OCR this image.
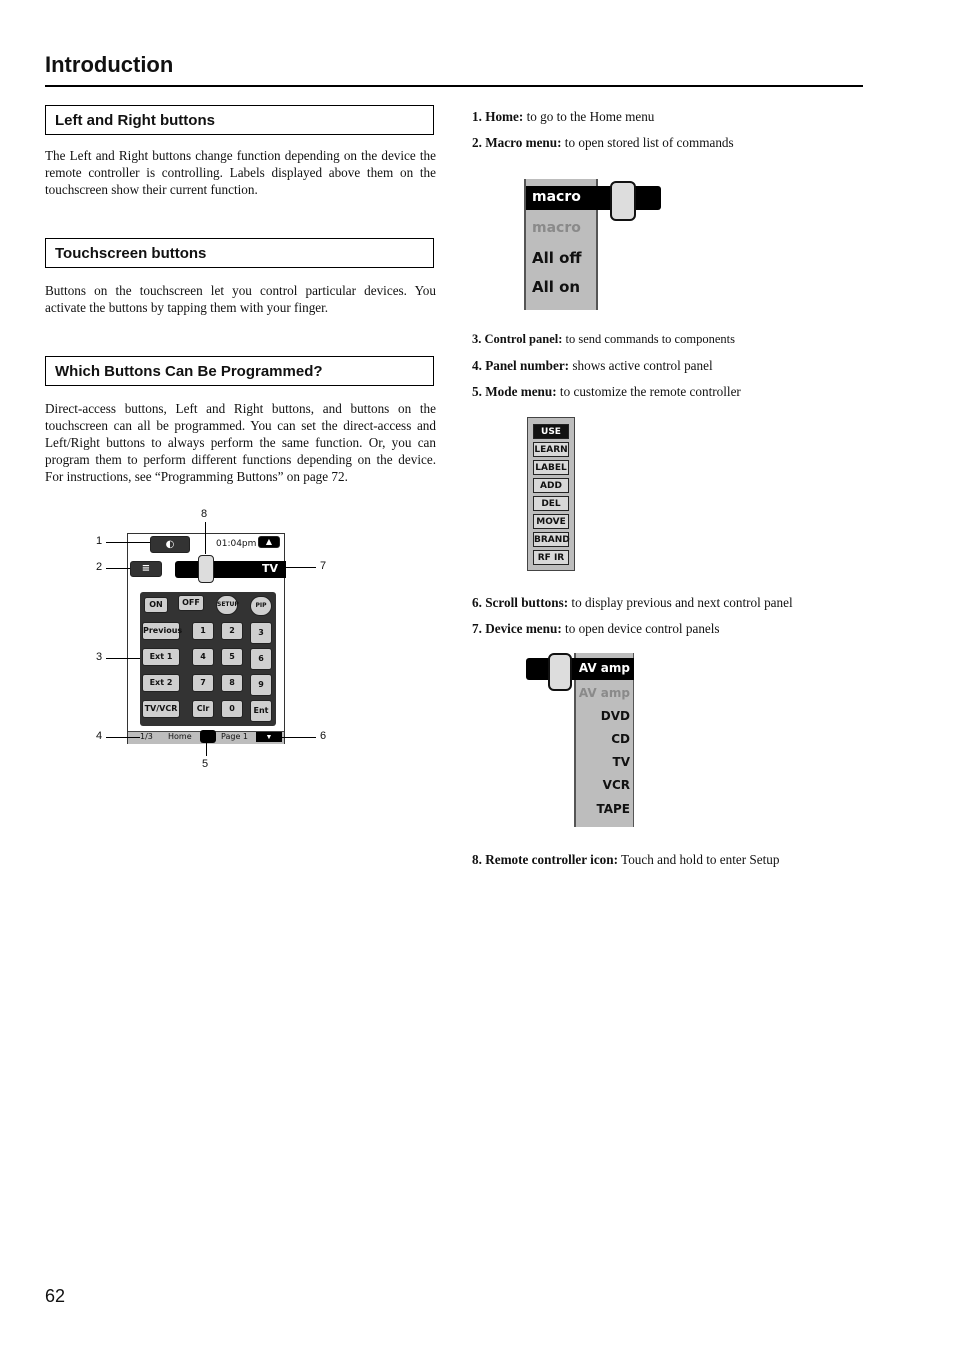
Introduction
Left and Right buttons
The Left and Right buttons change function depending on the device the remote controller is controlling. Labels displayed above them on the touchscreen show their current function.
Touchscreen buttons
Buttons on the touchscreen let you control particular devices. You activate the buttons by tapping them with your finger.
Which Buttons Can Be Programmed?
Direct-access buttons, Left and Right buttons, and buttons on the touchscreen can all be programmed. You can set the direct-access and Left/Right buttons to always perform the same function. Or, you can program them to perform different functions depending on the device. For instructions, see “Programming Buttons” on page 72.
◐	01:04pm	▲
≡	TV
ON	OFF	SETUP	PIP
Previous	1	2	3
Ext 1	4	5	6
Ext 2	7	8	9
TV/VCR	Clr	0	Ent
1/3 Home	Page 1	▼
1
2
3
4
5
6
7
8
1. Home: to go to the Home menu
2. Macro menu: to open stored list of commands
macro
macro
All off
All on
3. Control panel: to send commands to components
4. Panel number: shows active control panel
5. Mode menu: to customize the remote controller
USE
LEARN
LABEL
ADD
DEL
MOVE
BRAND
RF IR
6. Scroll buttons: to display previous and next control panel
7. Device menu: to open device control panels
AV amp
AV amp
DVD
CD
TV
VCR
TAPE
8. Remote controller icon: Touch and hold to enter Setup
62
